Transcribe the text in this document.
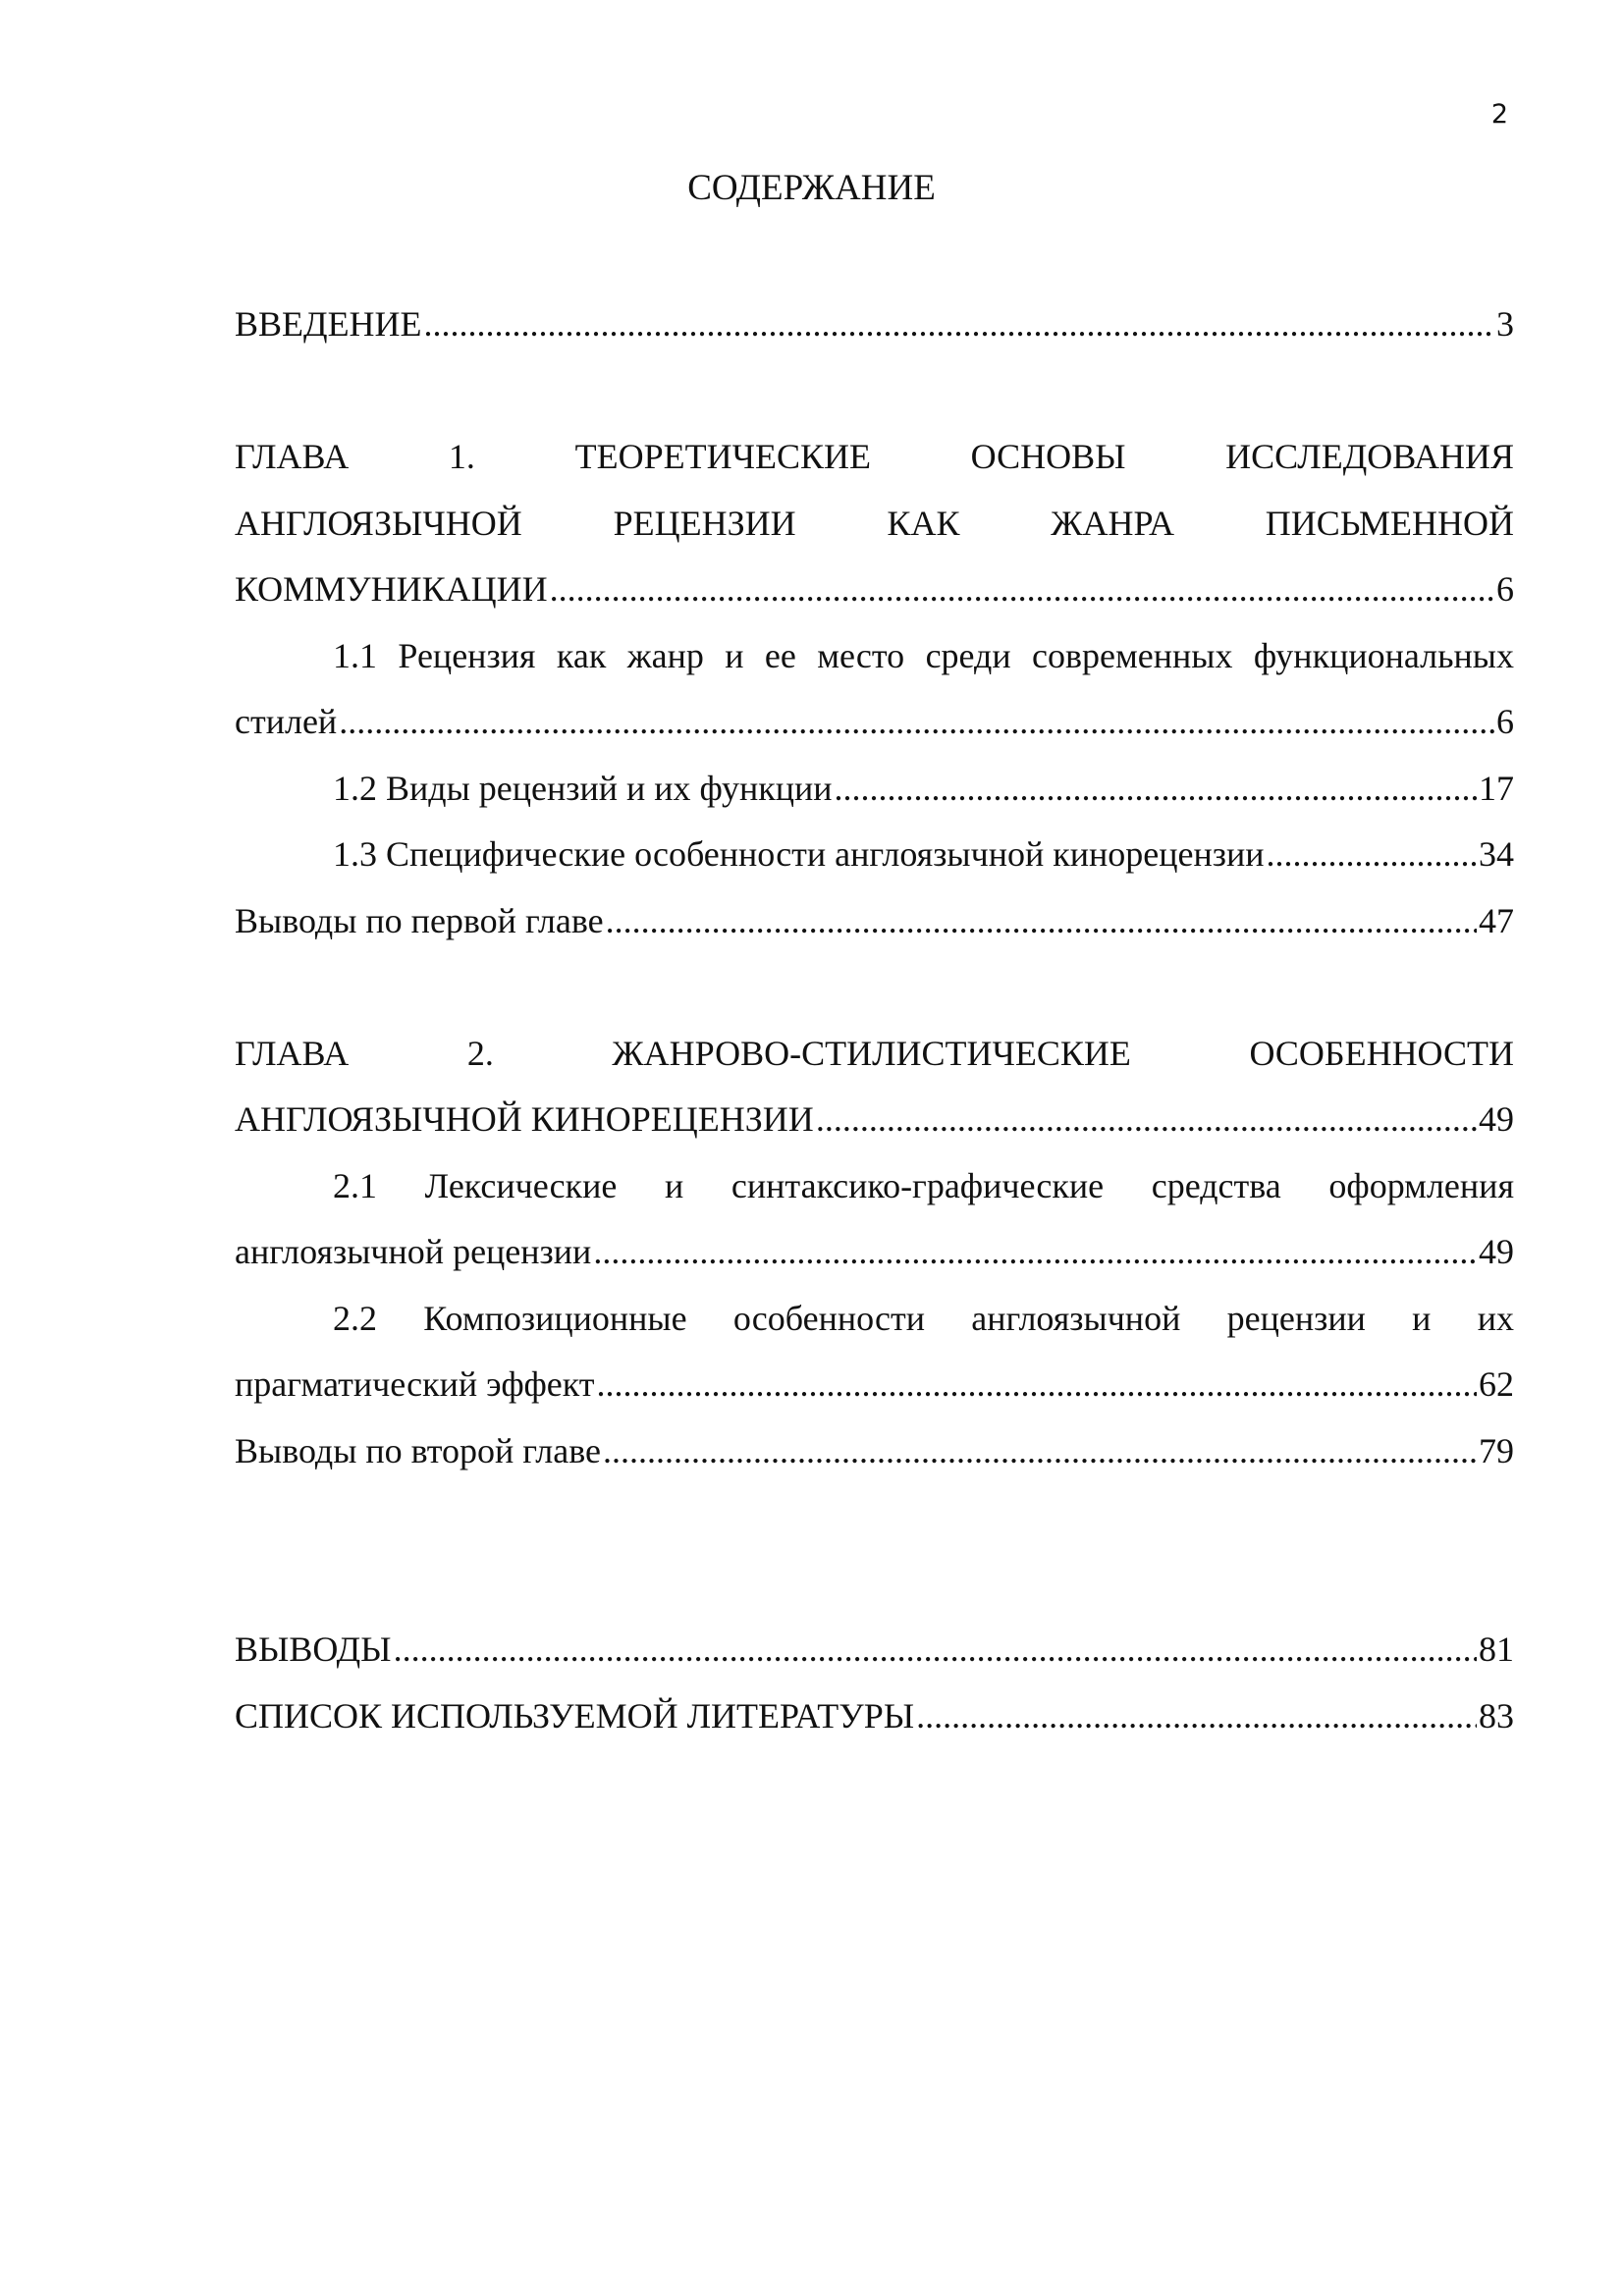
2
СОДЕРЖАНИЕ
ВВЕДЕНИЕ .....	3
ГЛАВА 1. ТЕОРЕТИЧЕСКИЕ ОСНОВЫ ИССЛЕДОВАНИЯ
АНГЛОЯЗЫЧНОЙ РЕЦЕНЗИИ КАК ЖАНРА ПИСЬМЕННОЙ
КОММУНИКАЦИИ .....	6
1.1 Рецензия как жанр и ее место среди современных функциональных
стилей .....	6
1.2 Виды рецензий и их функции .....	17
1.3 Специфические особенности англоязычной кинорецензии .....	34
Выводы по первой главе .....	47
ГЛАВА 2. ЖАНРОВО-СТИЛИСТИЧЕСКИЕ ОСОБЕННОСТИ
АНГЛОЯЗЫЧНОЙ КИНОРЕЦЕНЗИИ .....	49
2.1 Лексические и синтаксико-графические средства оформления
англоязычной рецензии .....	49
2.2 Композиционные особенности англоязычной рецензии и их
прагматический эффект .....	62
Выводы по второй главе .....	79
ВЫВОДЫ .....	81
СПИСОК ИСПОЛЬЗУЕМОЙ ЛИТЕРАТУРЫ .....	83
